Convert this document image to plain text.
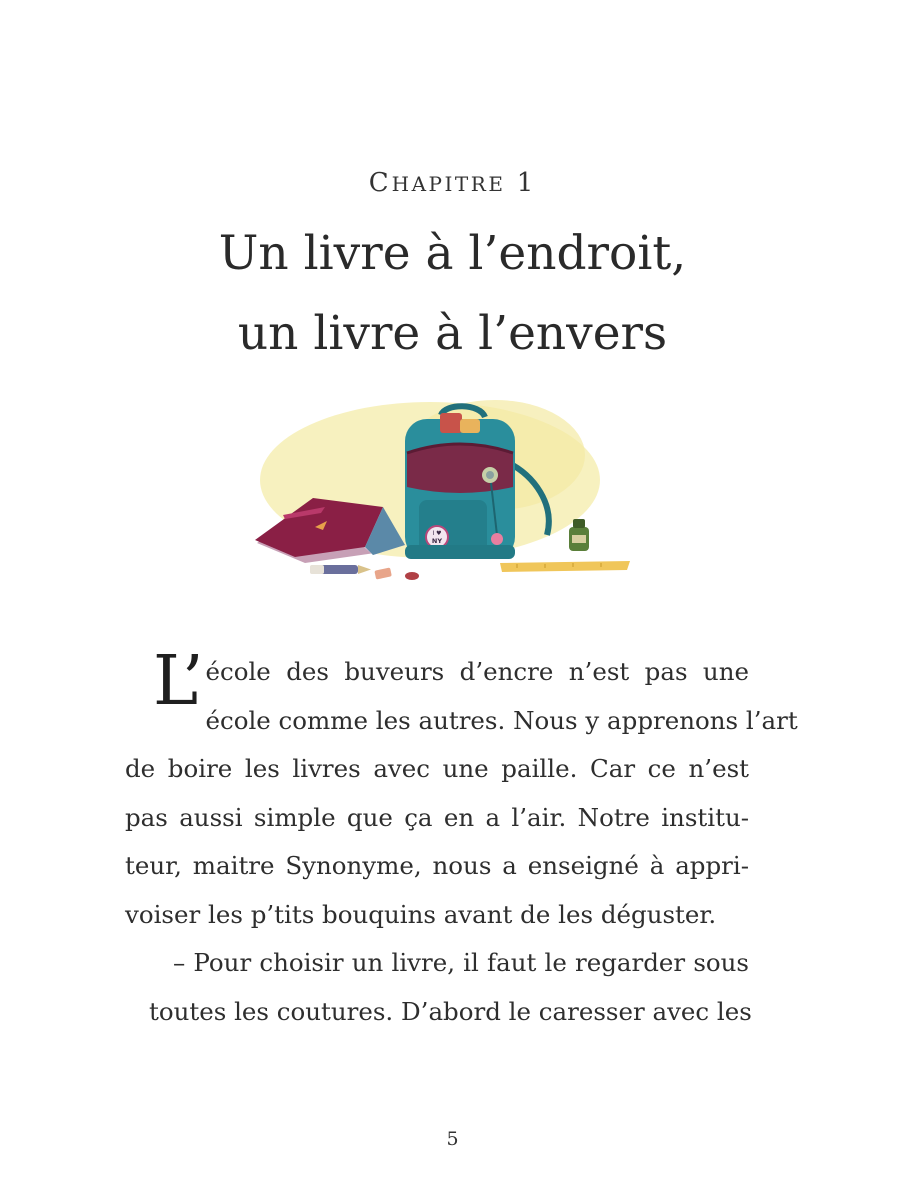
CHAPITRE 1
Un livre à l’endroit,
un livre à l’envers
I ♥
NY

L’ école des buveurs d’encre n’est pas une
école comme les autres. Nous y apprenons l’art
de boire les livres avec une paille. Car ce n’est
pas aussi simple que ça en a l’air. Notre institu-
teur, maitre Synonyme, nous a enseigné à appri-
voiser les p’tits bouquins avant de les déguster.

– Pour choisir un livre, il faut le regarder sous
toutes les coutures. D’abord le caresser avec les

5
